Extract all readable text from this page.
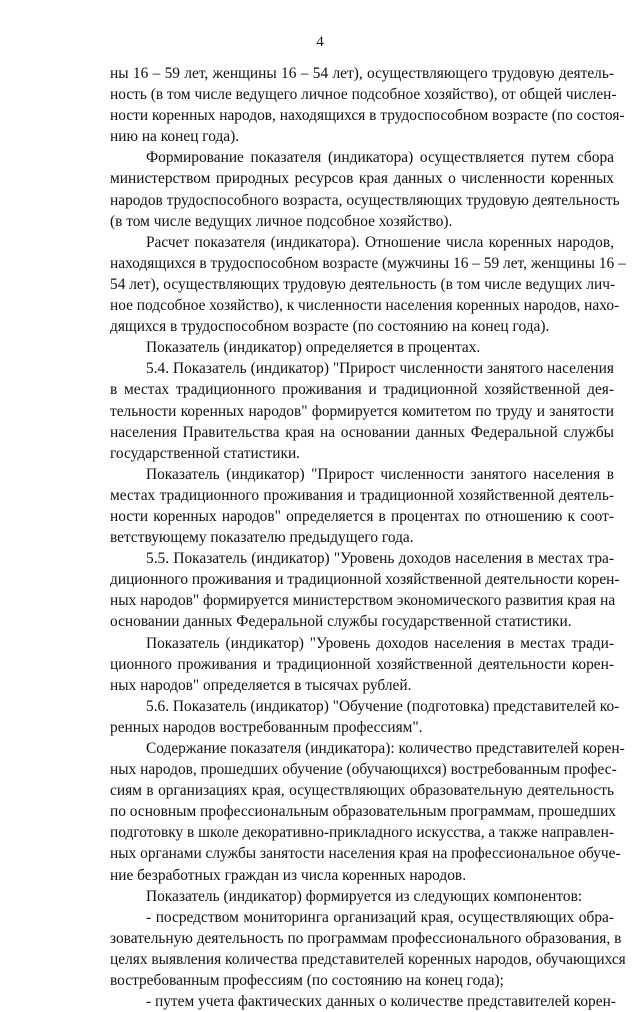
4
ны 16 – 59 лет, женщины 16 – 54 лет), осуществляющего трудовую деятель-
ность (в том числе ведущего личное подсобное хозяйство), от общей числен-
ности коренных народов, находящихся в трудоспособном возрасте (по состоя-
нию на конец года).
Формирование показателя (индикатора) осуществляется путем сбора
министерством природных ресурсов края данных о численности коренных
народов трудоспособного возраста, осуществляющих трудовую деятельность
(в том числе ведущих личное подсобное хозяйство).
Расчет показателя (индикатора). Отношение числа коренных народов,
находящихся в трудоспособном возрасте (мужчины 16 – 59 лет, женщины 16 –
54 лет), осуществляющих трудовую деятельность (в том числе ведущих лич-
ное подсобное хозяйство), к численности населения коренных народов, нахо-
дящихся в трудоспособном возрасте (по состоянию на конец года).
Показатель (индикатор) определяется в процентах.
5.4. Показатель (индикатор) "Прирост численности занятого населения
в местах традиционного проживания и традиционной хозяйственной дея-
тельности коренных народов" формируется комитетом по труду и занятости
населения Правительства края на основании данных Федеральной службы
государственной статистики.
Показатель (индикатор) "Прирост численности занятого населения в
местах традиционного проживания и традиционной хозяйственной деятель-
ности коренных народов" определяется в процентах по отношению к соот-
ветствующему показателю предыдущего года.
5.5. Показатель (индикатор) "Уровень доходов населения в местах тра-
диционного проживания и традиционной хозяйственной деятельности корен-
ных народов" формируется министерством экономического развития края на
основании данных Федеральной службы государственной статистики.
Показатель (индикатор) "Уровень доходов населения в местах тради-
ционного проживания и традиционной хозяйственной деятельности корен-
ных народов" определяется в тысячах рублей.
5.6. Показатель (индикатор) "Обучение (подготовка) представителей ко-
ренных народов востребованным профессиям".
Содержание показателя (индикатора): количество представителей корен-
ных народов, прошедших обучение (обучающихся) востребованным профес-
сиям в организациях края, осуществляющих образовательную деятельность
по основным профессиональным образовательным программам, прошедших
подготовку в школе декоративно-прикладного искусства, а также направлен-
ных органами службы занятости населения края на профессиональное обуче-
ние безработных граждан из числа коренных народов.
Показатель (индикатор) формируется из следующих компонентов:
- посредством мониторинга организаций края, осуществляющих обра-
зовательную деятельность по программам профессионального образования, в
целях выявления количества представителей коренных народов, обучающихся
востребованным профессиям (по состоянию на конец года);
- путем учета фактических данных о количестве представителей корен-
